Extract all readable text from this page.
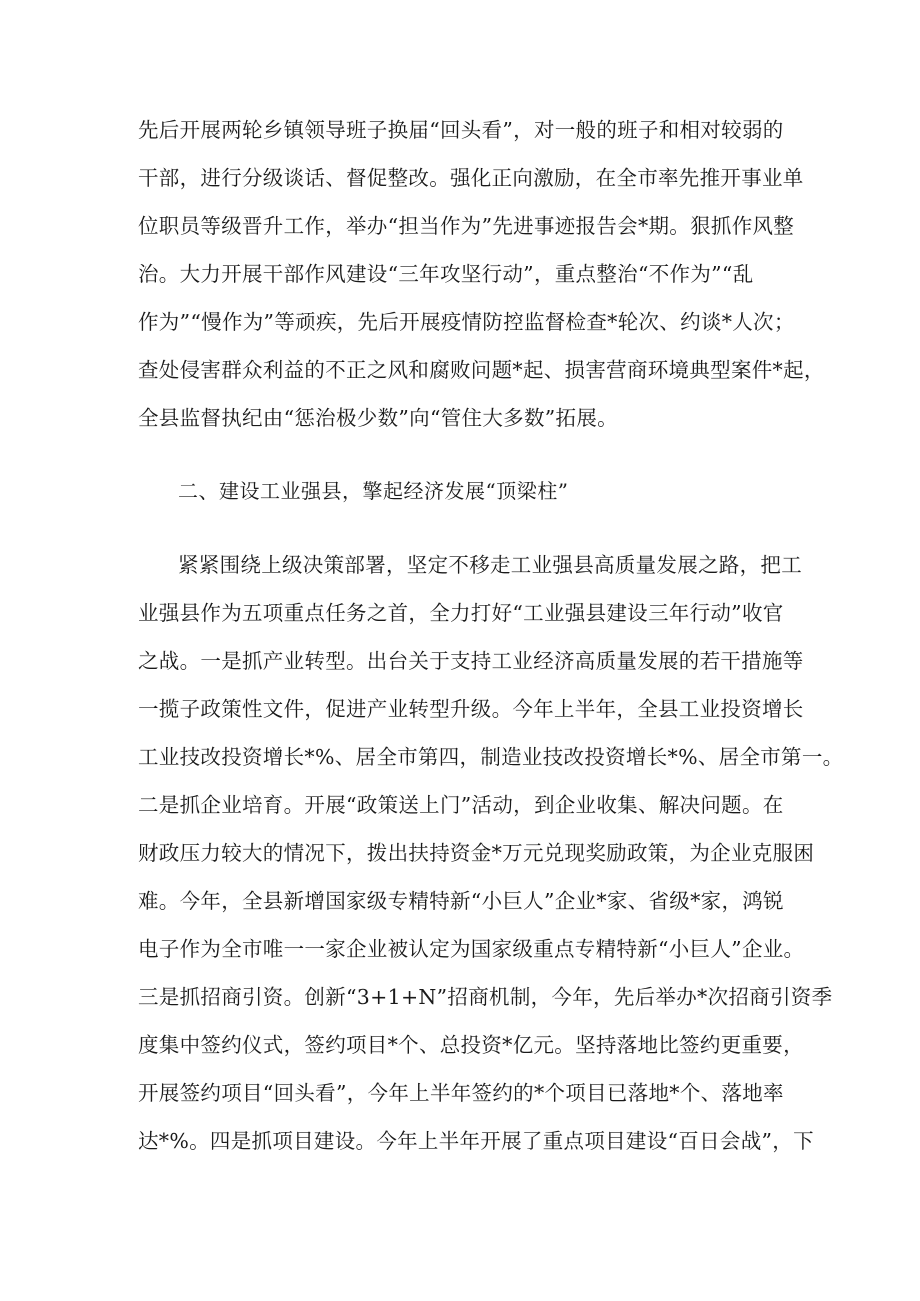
先后开展两轮乡镇领导班子换届“回头看”，对一般的班子和相对较弱的
干部，进行分级谈话、督促整改。强化正向激励，在全市率先推开事业单
位职员等级晋升工作，举办“担当作为”先进事迹报告会*期。狠抓作风整
治。大力开展干部作风建设“三年攻坚行动”，重点整治“不作为”“乱
作为”“慢作为”等顽疾，先后开展疫情防控监督检查*轮次、约谈*人次；
查处侵害群众利益的不正之风和腐败问题*起、损害营商环境典型案件*起，
全县监督执纪由“惩治极少数”向“管住大多数”拓展。
二、建设工业强县，擎起经济发展“顶梁柱”
紧紧围绕上级决策部署，坚定不移走工业强县高质量发展之路，把工
业强县作为五项重点任务之首，全力打好“工业强县建设三年行动”收官
之战。一是抓产业转型。出台关于支持工业经济高质量发展的若干措施等
一揽子政策性文件，促进产业转型升级。今年上半年，全县工业投资增长
工业技改投资增长*%、居全市第四，制造业技改投资增长*%、居全市第一。
二是抓企业培育。开展“政策送上门”活动，到企业收集、解决问题。在
财政压力较大的情况下，拨出扶持资金*万元兑现奖励政策，为企业克服困
难。今年，全县新增国家级专精特新“小巨人”企业*家、省级*家，鸿锐
电子作为全市唯一一家企业被认定为国家级重点专精特新“小巨人”企业。
三是抓招商引资。创新“3+1+N”招商机制，今年，先后举办*次招商引资季
度集中签约仪式，签约项目*个、总投资*亿元。坚持落地比签约更重要，
开展签约项目“回头看”，今年上半年签约的*个项目已落地*个、落地率
达*%。四是抓项目建设。今年上半年开展了重点项目建设“百日会战”，下
